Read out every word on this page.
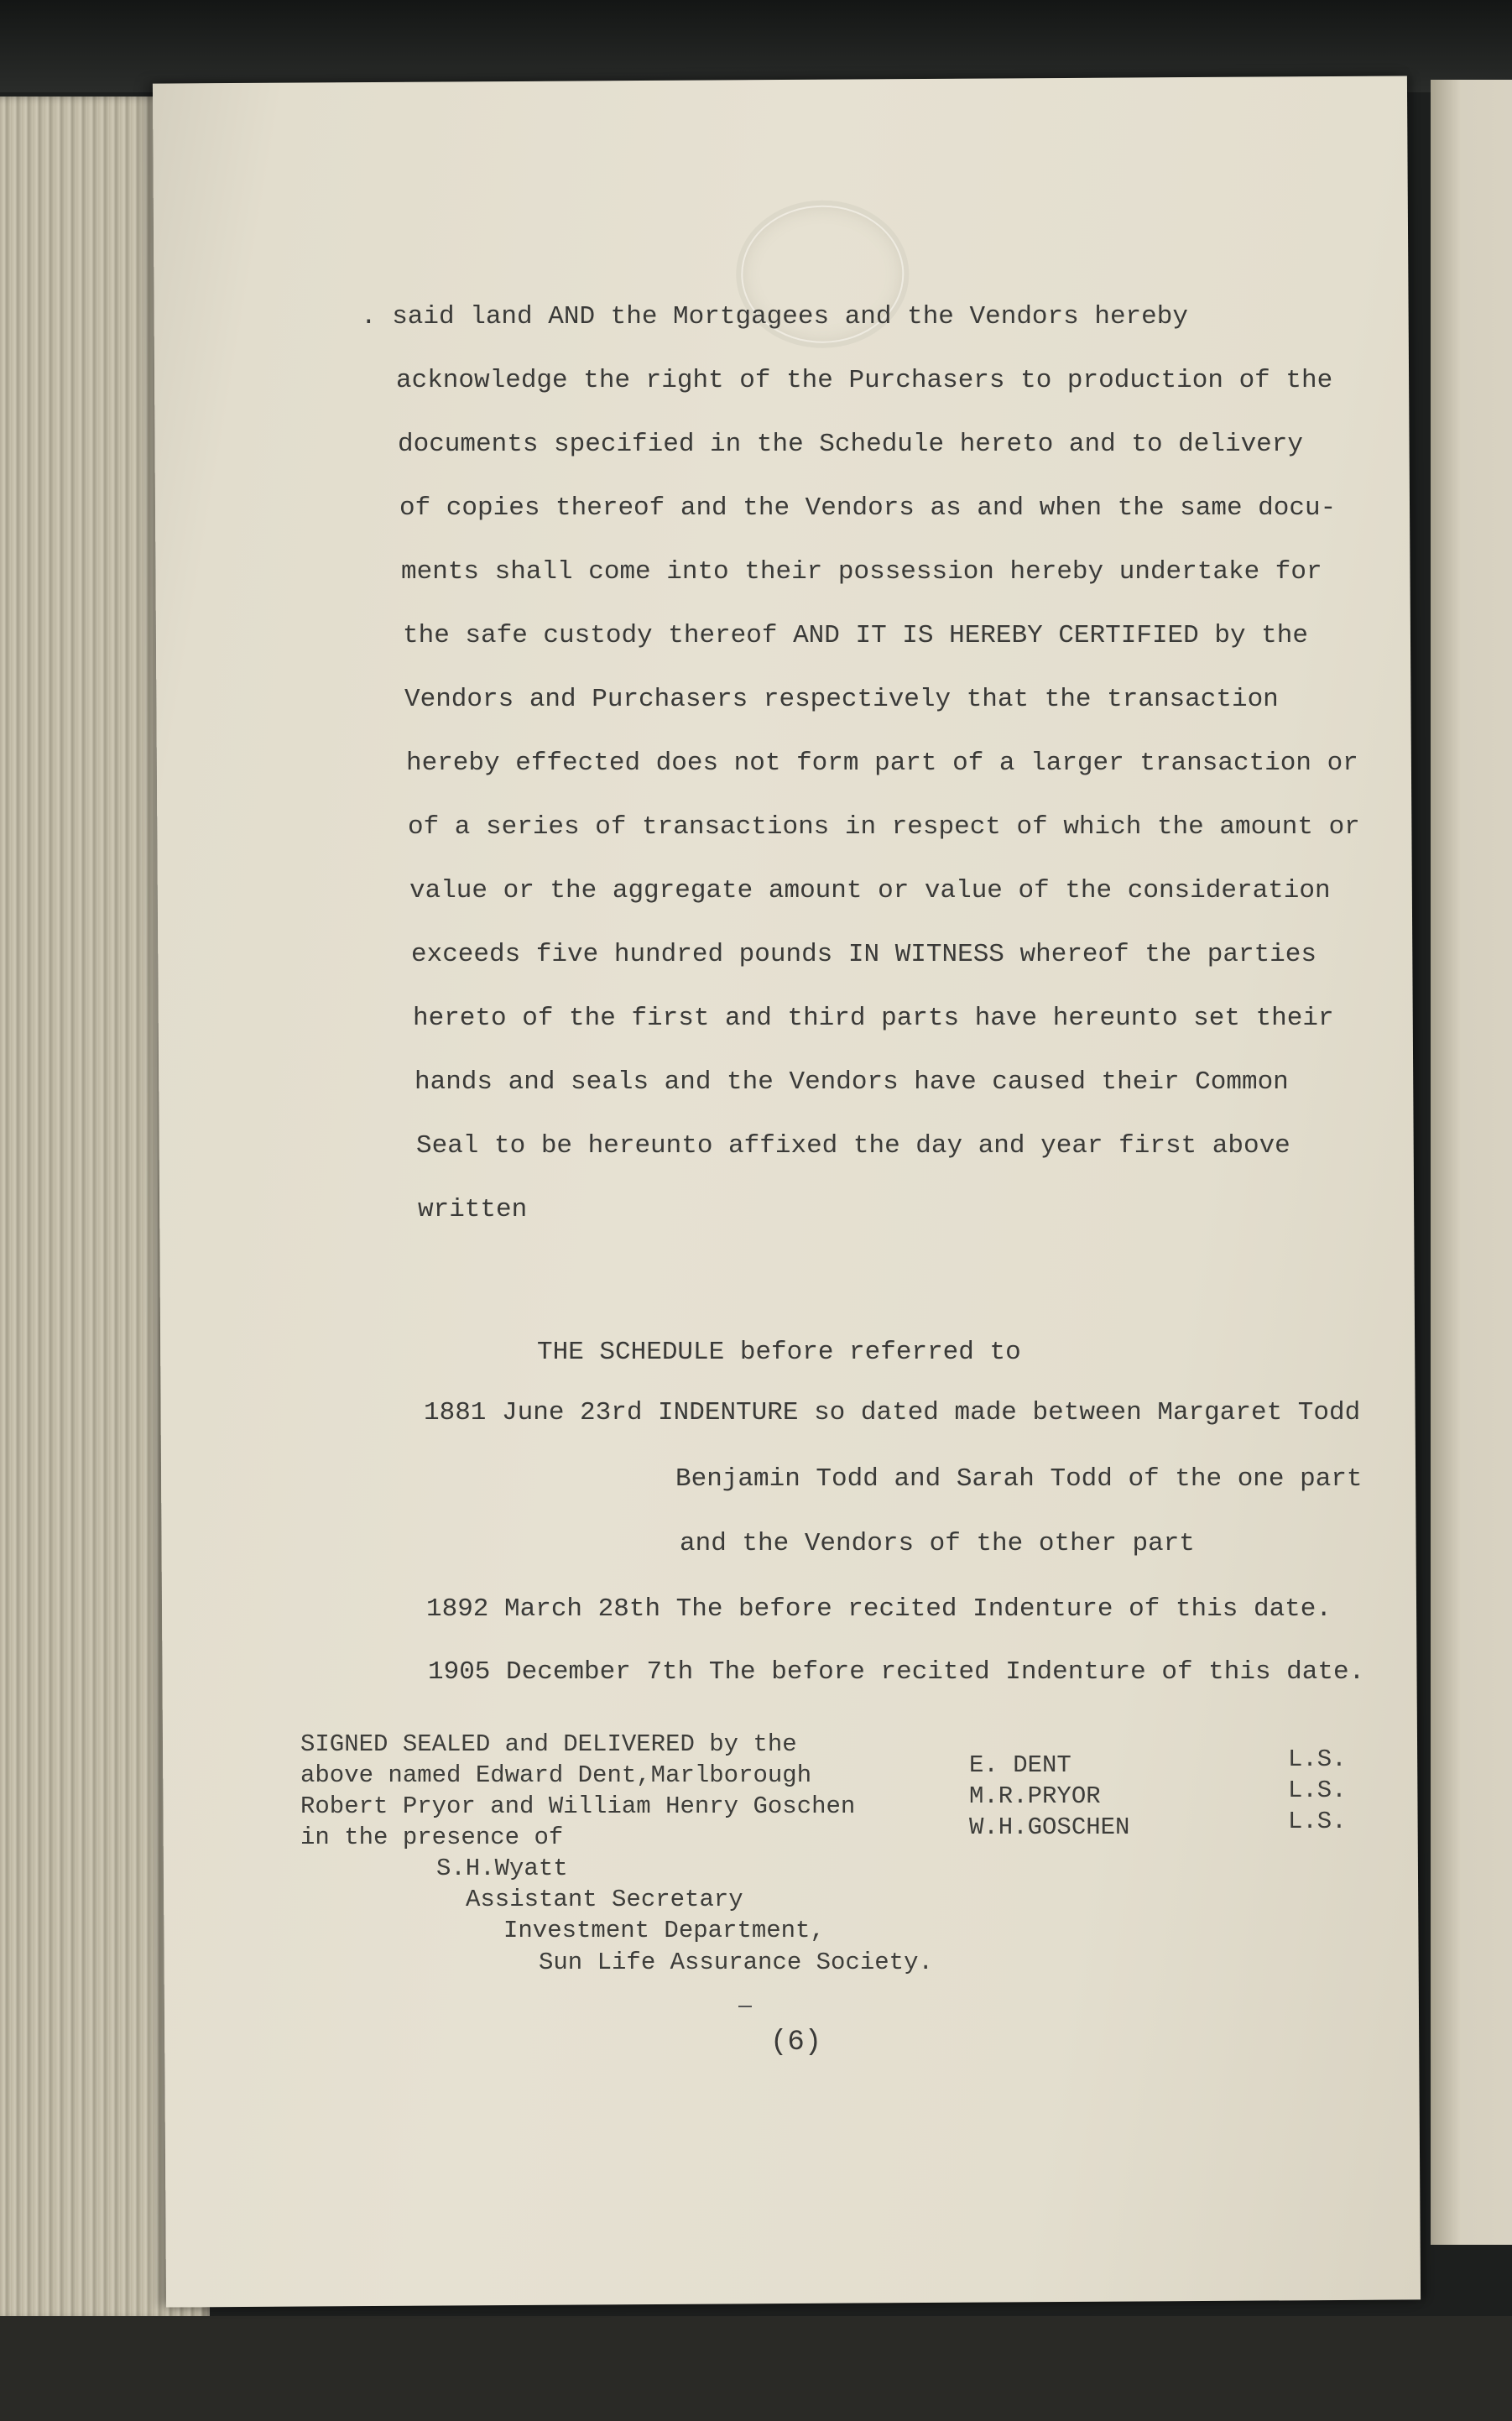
. said land AND the Mortgagees and the Vendors hereby
acknowledge the right of the Purchasers to production of the
documents specified in the Schedule hereto and to delivery
of copies thereof and the Vendors as and when the same docu-
ments shall come into their possession hereby undertake for
the safe custody thereof AND IT IS HEREBY CERTIFIED by the
Vendors and Purchasers respectively that the transaction
hereby effected does not form part of a larger transaction or
of a series of transactions in respect of which the amount or
value or the aggregate amount or value of the consideration
exceeds five hundred pounds IN WITNESS whereof the parties
hereto of the first and third parts have hereunto set their
hands and seals and the Vendors have caused their Common
Seal to be hereunto affixed the day and year first above
written
THE SCHEDULE before referred to
1881 June 23rd INDENTURE so dated made between Margaret Todd
Benjamin Todd and Sarah Todd of the one part
and the Vendors of the other part
1892 March 28th The before recited Indenture of this date.
1905 December 7th The before recited Indenture of this date.
SIGNED SEALED and DELIVERED by the
above named Edward Dent,Marlborough
Robert Pryor and William Henry Goschen
in the presence of
S.H.Wyatt
Assistant Secretary
Investment Department,
Sun Life Assurance Society.
E. DENT
M.R.PRYOR
W.H.GOSCHEN
L.S.
L.S.
L.S.
(6)
